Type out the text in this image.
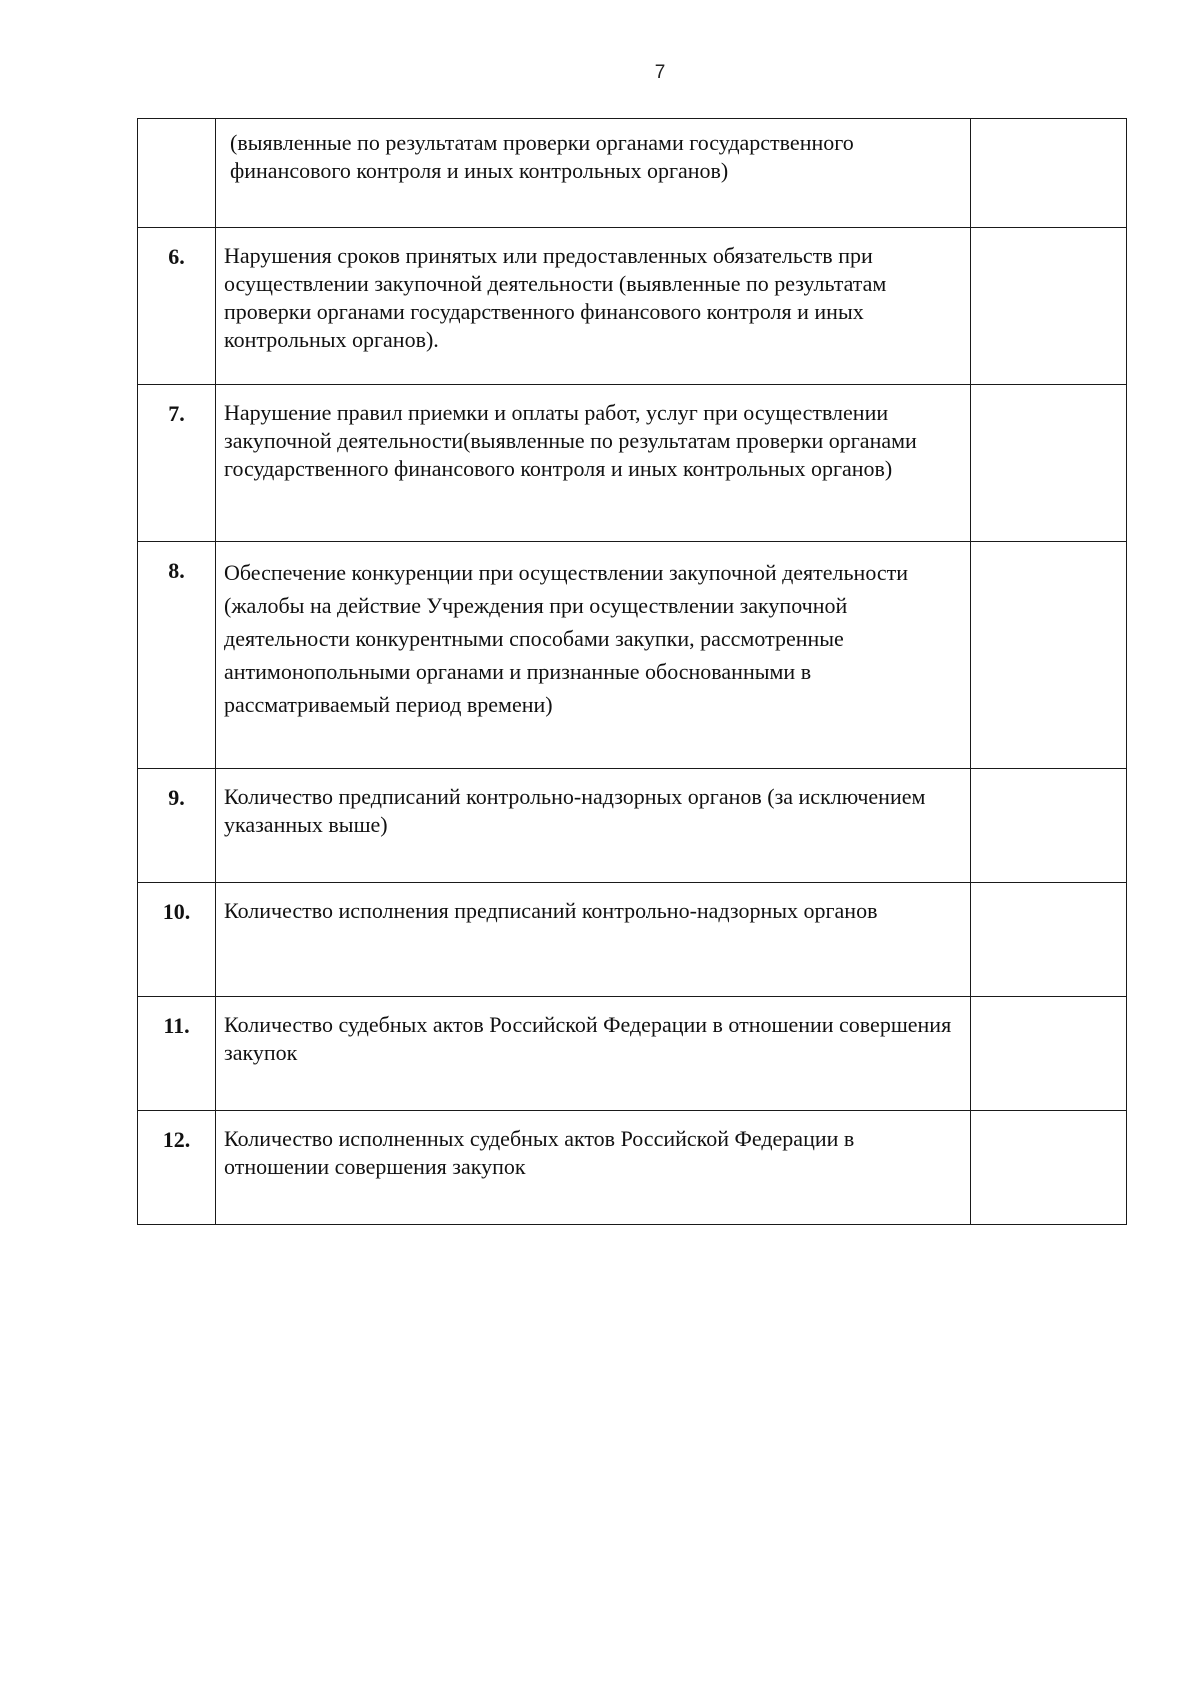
7
	(выявленные по результатам проверки органами государственного финансового контроля и иных контрольных органов)	
6.	Нарушения сроков принятых или предоставленных обязательств при осуществлении закупочной деятельности (выявленные по результатам проверки органами государственного финансового контроля и иных контрольных органов).	
7.	Нарушение правил приемки и оплаты работ, услуг при осуществлении закупочной деятельности(выявленные по результатам проверки органами государственного финансового контроля и иных контрольных органов)	
8.	Обеспечение конкуренции при осуществлении закупочной деятельности (жалобы на действие Учреждения при осуществлении закупочной деятельности конкурентными способами закупки, рассмотренные антимонопольными органами и признанные обоснованными в рассматриваемый период времени)	
9.	Количество предписаний контрольно-надзорных органов (за исключением указанных выше)	
10.	Количество исполнения предписаний контрольно-надзорных органов	
11.	Количество судебных актов Российской Федерации в отношении совершения закупок	
12.	Количество исполненных судебных актов Российской Федерации в отношении совершения закупок	
